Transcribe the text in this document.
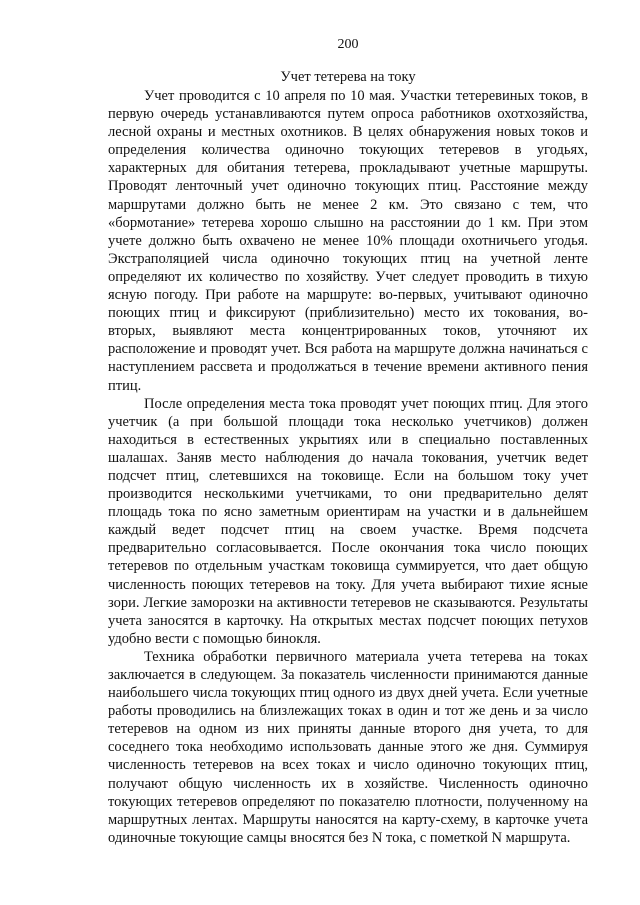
200
Учет тетерева на току

Учет проводится с 10 апреля по 10 мая. Участки тетеревиных токов, в первую очередь устанавливаются путем опроса работников охотхозяйства, лесной охраны и местных охотников. В целях обнаружения новых токов и определения количества одиночно токующих тетеревов в угодьях, характерных для обитания тетерева, прокладывают учетные маршруты. Проводят ленточный учет одиночно токующих птиц. Расстояние между маршрутами должно быть не менее 2 км. Это связано с тем, что «бормотание» тетерева хорошо слышно на расстоянии до 1 км. При этом учете должно быть охвачено не менее 10% площади охотничьего угодья. Экстраполяцией числа одиночно токующих птиц на учетной ленте определяют их количество по хозяйству. Учет следует проводить в тихую ясную погоду. При работе на маршруте: во-первых, учитывают одиночно поющих птиц и фиксируют (приблизительно) место их токования, во-вторых, выявляют места концентрированных токов, уточняют их расположение и проводят учет. Вся работа на маршруте должна начинаться с наступлением рассвета и продолжаться в течение времени активного пения птиц.

После определения места тока проводят учет поющих птиц. Для этого учетчик (а при большой площади тока несколько учетчиков) должен находиться в естественных укрытиях или в специально поставленных шалашах. Заняв место наблюдения до начала токования, учетчик ведет подсчет птиц, слетевшихся на токовище. Если на большом току учет производится несколькими учетчиками, то они предварительно делят площадь тока по ясно заметным ориентирам на участки и в дальнейшем каждый ведет подсчет птиц на своем участке. Время подсчета предварительно согласовывается. После окончания тока число поющих тетеревов по отдельным участкам токовища суммируется, что дает общую численность поющих тетеревов на току. Для учета выбирают тихие ясные зори. Легкие заморозки на активности тетеревов не сказываются. Результаты учета заносятся в карточку. На открытых местах подсчет поющих петухов удобно вести с помощью бинокля.

Техника обработки первичного материала учета тетерева на токах заключается в следующем. За показатель численности принимаются данные наибольшего числа токующих птиц одного из двух дней учета. Если учетные работы проводились на близлежащих токах в один и тот же день и за число тетеревов на одном из них приняты данные второго дня учета, то для соседнего тока необходимо использовать данные этого же дня. Суммируя численность тетеревов на всех токах и число одиночно токующих птиц, получают общую численность их в хозяйстве. Численность одиночно токующих тетеревов определяют по показателю плотности, полученному на маршрутных лентах. Маршруты наносятся на карту-схему, в карточке учета одиночные токующие самцы вносятся без N тока, с пометкой N маршрута.
